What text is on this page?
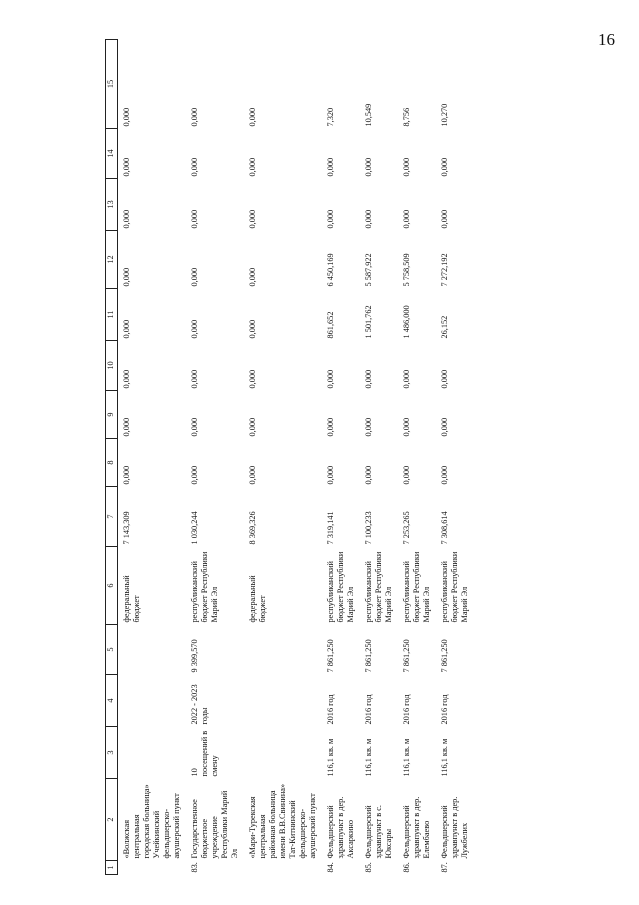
16
1	2	3	4	5	6	7	8	9	10	11	12	13	14	15
	«Волжская центральная городская больница» Учейкинский фельдшерско-акушерский пункт				федеральный бюджет	7 143,309	0,000	0,000	0,000	0,000	0,000	0,000	0,000	0,000
83.	Государственное бюджетное учреждение Республики Марий Эл	10 посещений в смену	2022 - 2023 годы	9 399,570	республиканский бюджет Республики Марий Эл	1 030,244	0,000	0,000	0,000	0,000	0,000	0,000	0,000	0,000
	«Мари-Турекская центральная районная больница имени В.В.Свинина» Тат-Китнинский фельдшерско-акушерский пункт				федеральный бюджет	8 369,326	0,000	0,000	0,000	0,000	0,000	0,000	0,000	0,000
84.	Фельдшерский здравпункт в дер. Аксаркино	116,1 кв. м	2016 год	7 861,250	республиканский бюджет Республики Марий Эл	7 319,141	0,000	0,000	0,000	861,652	6 450,169	0,000	0,000	7,320
85.	Фельдшерский здравпункт в с. Юксары	116,1 кв. м	2016 год	7 861,250	республиканский бюджет Республики Марий Эл	7 100,233	0,000	0,000	0,000	1 501,762	5 587,922	0,000	0,000	10,549
86.	Фельдшерский здравпункт в дер. Елембаево	116,1 кв. м	2016 год	7 861,250	республиканский бюджет Республики Марий Эл	7 253,265	0,000	0,000	0,000	1 486,000	5 758,509	0,000	0,000	8,756
87.	Фельдшерский здравпункт в дер. Лужбелих	116,1 кв. м	2016 год	7 861,250	республиканский бюджет Республики Марий Эл	7 308,614	0,000	0,000	0,000	26,152	7 272,192	0,000	0,000	10,270
